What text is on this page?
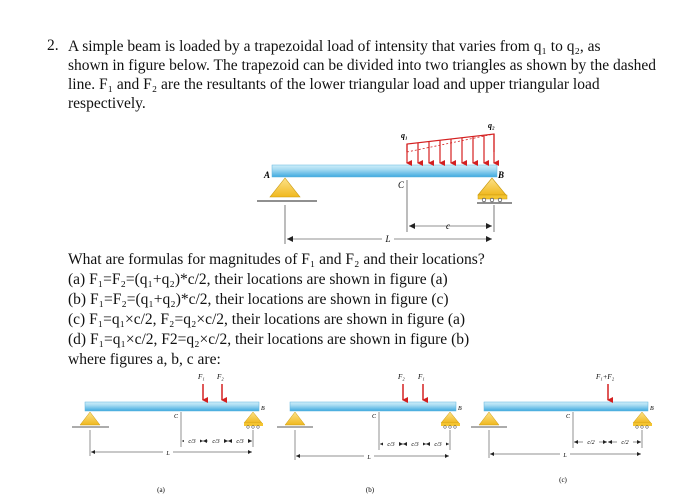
2. A simple beam is loaded by a trapezoidal load of intensity that varies from q₁ to q₂, as
shown in figure below. The trapezoid can be divided into two triangles as shown by the dashed
line. F₁ and F₂ are the resultants of the lower triangular load and upper triangular load
respectively.
A	B
C
q₁
q₂
c
L
F₁ F₂
B
C
c/3	c/3	c/3
L
(a)
F₂ F₁
B
C
c/3	c/3	c/3
L
(b)
F₁+F₂
B
C
c/2	c/2
L
(c)
What are formulas for magnitudes of F₁ and F₂ and their locations?
(a) F₁=F₂=(q₁+q₂)*c/2, their locations are shown in figure (a)
(b) F₁=F₂=(q₁+q₂)*c/2, their locations are shown in figure (c)
(c) F₁=q₁×c/2, F₂=q₂×c/2, their locations are shown in figure (a)
(d) F₁=q₁×c/2, F2=q₂×c/2, their locations are shown in figure (b)
where figures a, b, c are:
